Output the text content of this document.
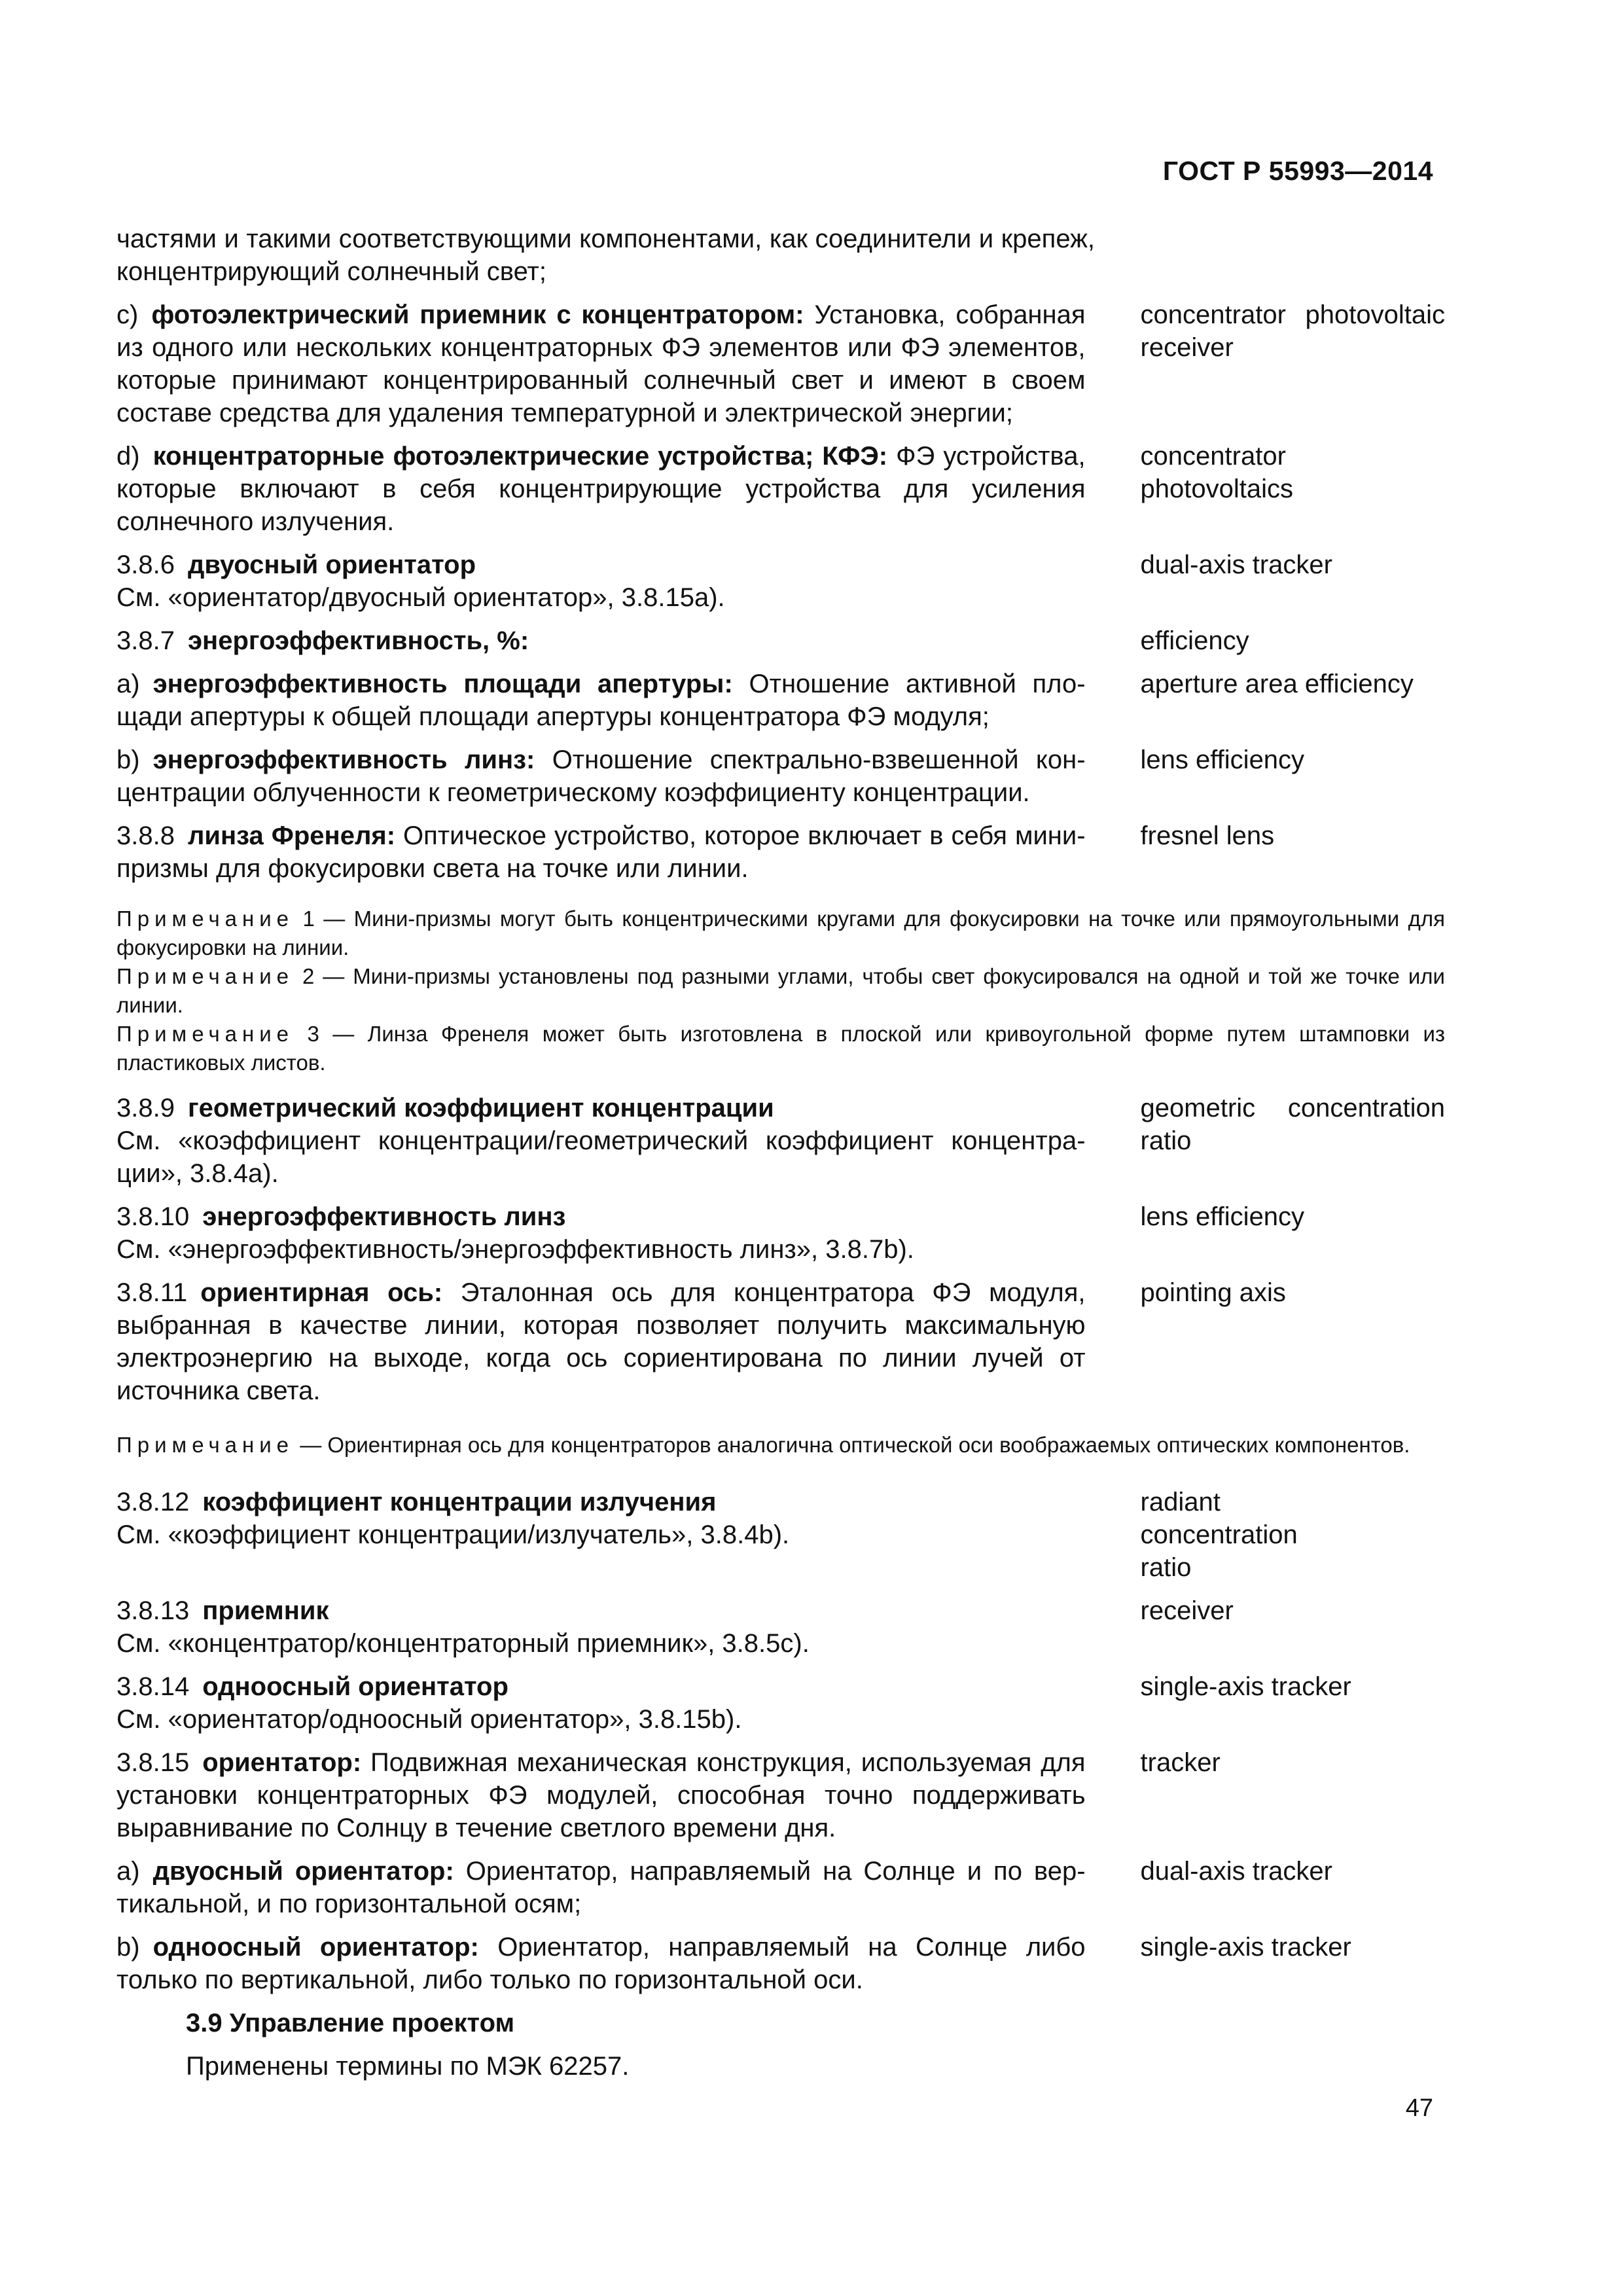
ГОСТ Р 55993—2014
частями и такими соответствующими компонентами, как соединители и крепеж, концентрирующий солнечный свет;
c) фотоэлектрический приемник с концентратором: Установка, собранная из одного или нескольких концентраторных ФЭ элементов или ФЭ элементов, которые принимают концентрированный солнечный свет и имеют в своем составе средства для удаления температурной и электрической энергии;
concentrator photovoltaic receiver
d) концентраторные фотоэлектрические устройства; КФЭ: ФЭ устройства, которые включают в себя концентрирующие устройства для усиления солнечного излучения.
concentrator photovoltaics
3.8.6 двуосный ориентатор
См. «ориентатор/двуосный ориентатор», 3.8.15а).
dual-axis tracker
3.8.7 энергоэффективность, %:	efficiency
a) энергоэффективность площади апертуры: Отношение активной площади апертуры к общей площади апертуры концентратора ФЭ модуля;
aperture area efficiency
b) энергоэффективность линз: Отношение спектрально-взвешенной концентрации облученности к геометрическому коэффициенту концентрации.
lens efficiency
3.8.8 линза Френеля: Оптическое устройство, которое включает в себя мини-призмы для фокусировки света на точке или линии.
fresnel lens
Примечание 1 — Мини-призмы могут быть концентрическими кругами для фокусировки на точке или прямоугольными для фокусировки на линии.
Примечание 2 — Мини-призмы установлены под разными углами, чтобы свет фокусировался на одной и той же точке или линии.
Примечание 3 — Линза Френеля может быть изготовлена в плоской или кривоугольной форме путем штамповки из пластиковых листов.
3.8.9 геометрический коэффициент концентрации
См. «коэффициент концентрации/геометрический коэффициент концентрации», 3.8.4а).
geometric concentration ratio
3.8.10 энергоэффективность линз
См. «энергоэффективность/энергоэффективность линз», 3.8.7b).
lens efficiency
3.8.11 ориентирная ось: Эталонная ось для концентратора ФЭ модуля, выбранная в качестве линии, которая позволяет получить максимальную электроэнергию на выходе, когда ось сориентирована по линии лучей от источника света.
pointing axis
Примечание — Ориентирная ось для концентраторов аналогична оптической оси воображаемых оптических компонентов.
3.8.12 коэффициент концентрации излучения
См. «коэффициент концентрации/излучатель», 3.8.4b).
radiant concentration ratio
3.8.13 приемник
См. «концентратор/концентраторный приемник», 3.8.5с).
receiver
3.8.14 одноосный ориентатор
См. «ориентатор/одноосный ориентатор», 3.8.15b).
single-axis tracker
3.8.15 ориентатор: Подвижная механическая конструкция, используемая для установки концентраторных ФЭ модулей, способная точно поддерживать выравнивание по Солнцу в течение светлого времени дня.
tracker
a) двуосный ориентатор: Ориентатор, направляемый на Солнце и по вертикальной, и по горизонтальной осям;
dual-axis tracker
b) одноосный ориентатор: Ориентатор, направляемый на Солнце либо только по вертикальной, либо только по горизонтальной оси.
single-axis tracker
3.9 Управление проектом
Применены термины по МЭК 62257.
47
